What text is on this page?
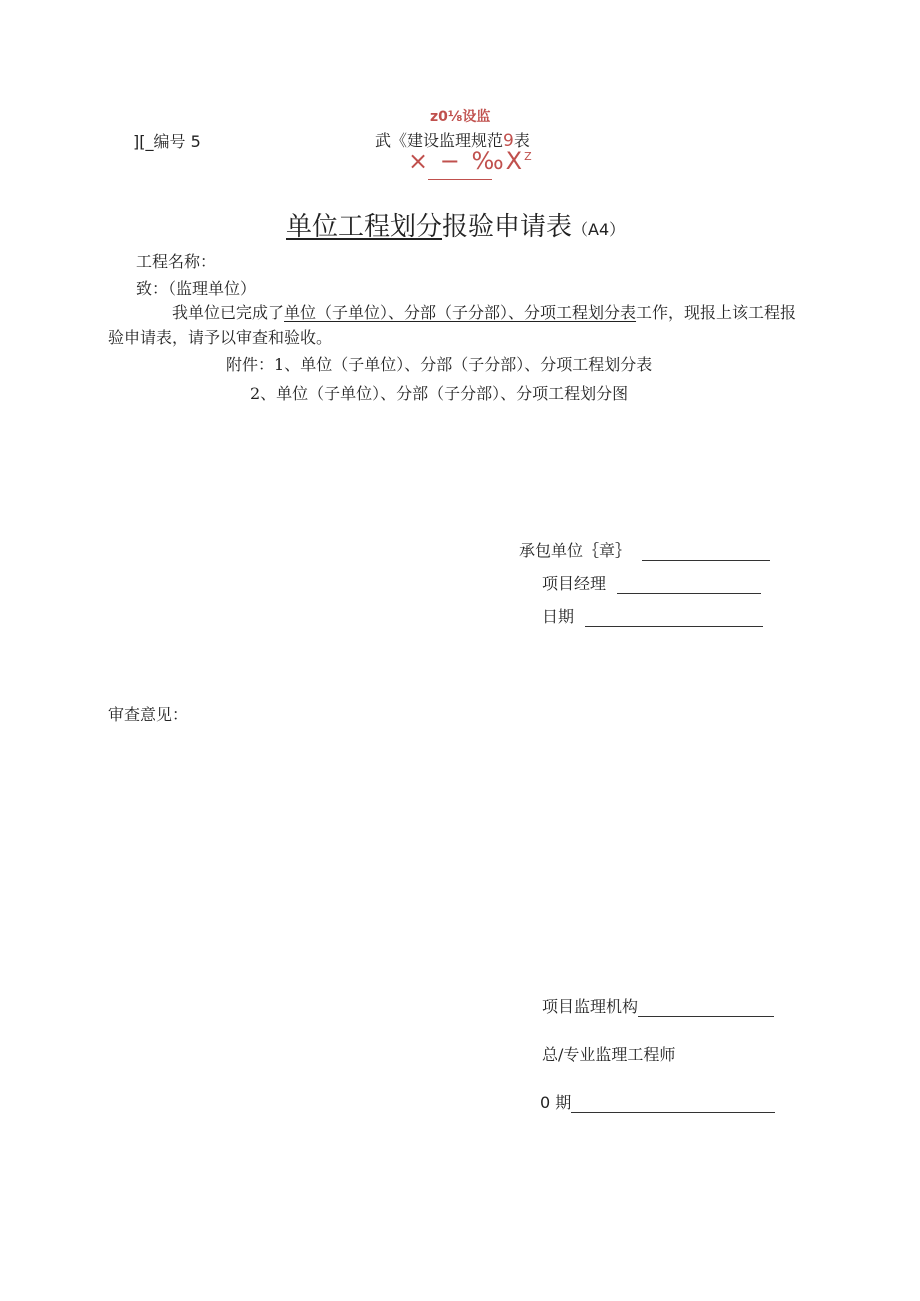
][_编号 5
z0⅛设监
武《建设监理规范9表
× − $‰X^Z$
单位工程划分报验申请表（A4）
工程名称：
致：（监理单位）
我单位已完成了单位（子单位）、分部（子分部）、分项工程划分表工作，现报上该工程报
验申请表，请予以审查和验收。
附件：1、单位（子单位）、分部（子分部）、分项工程划分表
2、单位（子单位）、分部（子分部）、分项工程划分图
承包单位｛章｝
项目经理
日期
审查意见：
项目监理机构
总/专业监理工程师
0 期
